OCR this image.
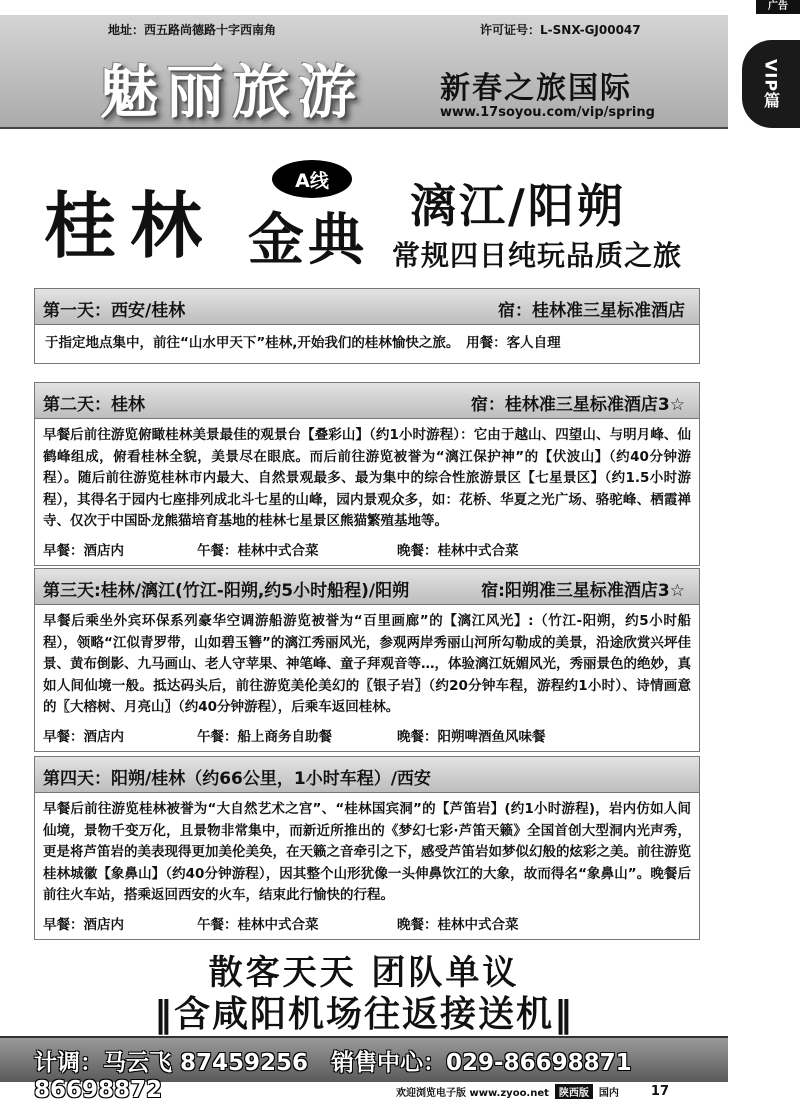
广告
VIP篇
地址：西五路尚德路十字西南角	许可证号：L-SNX-GJ00047
魅丽旅游	新春之旅国际
www.17soyou.com/vip/spring
桂林
A线
金典
漓江/阳朔
常规四日纯玩品质之旅
第一天：西安/桂林	宿：桂林准三星标准酒店
于指定地点集中，前往“山水甲天下”桂林,开始我们的桂林愉快之旅。　用餐：客人自理
第二天：桂林	宿：桂林准三星标准酒店3☆
早餐后前往游览俯瞰桂林美景最佳的观景台【叠彩山】（约1小时游程）：它由于越山、四望山、与明月峰、仙鹤峰组成，俯看桂林全貌，美景尽在眼底。而后前往游览被誉为“漓江保护神”的【伏波山】（约40分钟游程）。随后前往游览桂林市内最大、自然景观最多、最为集中的综合性旅游景区【七星景区】（约1.5小时游程），其得名于园内七座排列成北斗七星的山峰，园内景观众多，如：花桥、华夏之光广场、骆驼峰、栖霞禅寺、仅次于中国卧龙熊猫培育基地的桂林七星景区熊猫繁殖基地等。
早餐：酒店内	午餐：桂林中式合菜	晚餐：桂林中式合菜
第三天:桂林/漓江(竹江-阳朔,约5小时船程)/阳朔	宿:阳朔准三星标准酒店3☆
早餐后乘坐外宾环保系列豪华空调游船游览被誉为“百里画廊”的【漓江风光】:（竹江-阳朔，约5小时船程），领略“江似青罗带，山如碧玉簪”的漓江秀丽风光，参观两岸秀丽山河所勾勒成的美景，沿途欣赏兴坪佳景、黄布倒影、九马画山、老人守苹果、神笔峰、童子拜观音等…，体验漓江妩媚风光，秀丽景色的绝妙，真如人间仙境一般。抵达码头后，前往游览美伦美幻的〖银子岩〗（约20分钟车程，游程约1小时）、诗情画意的〖大榕树、月亮山〗（约40分钟游程），后乘车返回桂林。
早餐：酒店内	午餐：船上商务自助餐	晚餐：阳朔啤酒鱼风味餐
第四天：阳朔/桂林（约66公里，1小时车程）/西安
早餐后前往游览桂林被誉为“大自然艺术之宫”、“桂林国宾洞”的【芦笛岩】(约1小时游程)，岩内仿如人间仙境，景物千变万化，且景物非常集中，而新近所推出的《梦幻七彩·芦笛天籁》全国首创大型洞内光声秀，更是将芦笛岩的美表现得更加美伦美奂，在天籁之音牵引之下，感受芦笛岩如梦似幻般的炫彩之美。前往游览桂林城徽【象鼻山】（约40分钟游程），因其整个山形犹像一头伸鼻饮江的大象，故而得名“象鼻山”。晚餐后前往火车站，搭乘返回西安的火车，结束此行愉快的行程。
早餐：酒店内	午餐：桂林中式合菜	晚餐：桂林中式合菜
散客天天 团队单议
‖含咸阳机场往返接送机‖
计调：马云飞 87459256　销售中心：029-86698871 86698872	欢迎浏览电子版 www.zyoo.net	陕西版	国内 17
